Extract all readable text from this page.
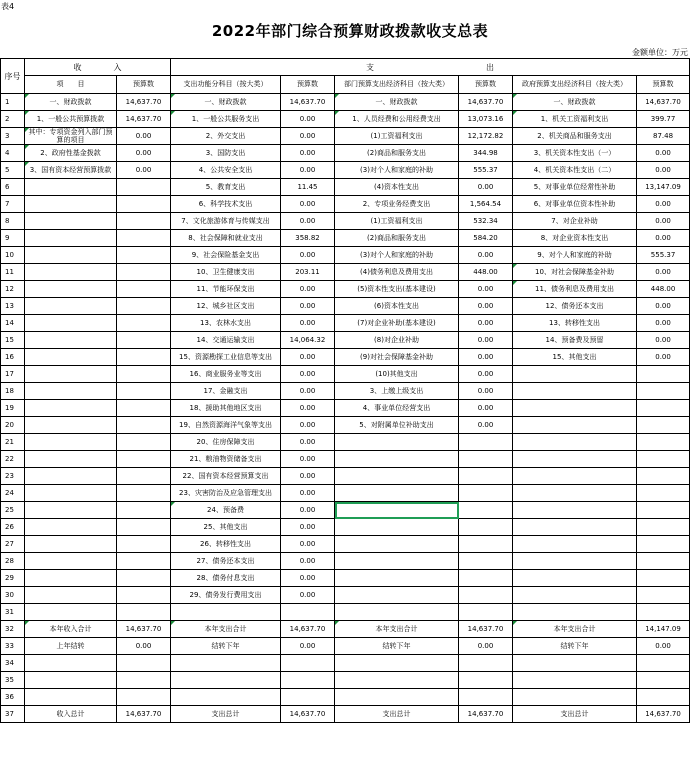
表4
2022年部门综合预算财政拨款收支总表
金额单位：万元
序号	收　　　　入		支　　　　　　　　　　　　　　出					
	项　　目	预算数	支出功能分科目（按大类）	预算数	部门预算支出经济科目（按大类）	预算数	政府预算支出经济科目（按大类）	预算数
1	一、财政拨款	14,637.70	一、财政拨款	14,637.70	一、财政拨款	14,637.70	一、财政拨款	14,637.70
2	1、一般公共预算拨款	14,637.70	1、一般公共服务支出	0.00	1、人员经费和公用经费支出	13,073.16	1、机关工资福利支出	399.77
3	其中：专项资金列入部门预算的项目	0.00	2、外交支出	0.00	(1)工资福利支出	12,172.82	2、机关商品和服务支出	87.48
4	2、政府性基金拨款	0.00	3、国防支出	0.00	(2)商品和服务支出	344.98	3、机关资本性支出（一）	0.00
5	3、国有资本经营预算拨款	0.00	4、公共安全支出	0.00	(3)对个人和家庭的补助	555.37	4、机关资本性支出（二）	0.00
6			5、教育支出	11.45	(4)资本性支出	0.00	5、对事业单位经常性补助	13,147.09
7			6、科学技术支出	0.00	2、专项业务经费支出	1,564.54	6、对事业单位资本性补助	0.00
8			7、文化旅游体育与传媒支出	0.00	(1)工资福利支出	532.34	7、对企业补助	0.00
9			8、社会保障和就业支出	358.82	(2)商品和服务支出	584.20	8、对企业资本性支出	0.00
10			9、社会保险基金支出	0.00	(3)对个人和家庭的补助	0.00	9、对个人和家庭的补助	555.37
11			10、卫生健康支出	203.11	(4)债务利息及费用支出	448.00	10、对社会保障基金补助	0.00
12			11、节能环保支出	0.00	(5)资本性支出(基本建设)	0.00	11、债务利息及费用支出	448.00
13			12、城乡社区支出	0.00	(6)资本性支出	0.00	12、债务还本支出	0.00
14			13、农林水支出	0.00	(7)对企业补助(基本建设)	0.00	13、转移性支出	0.00
15			14、交通运输支出	14,064.32	(8)对企业补助	0.00	14、预备费及预留	0.00
16			15、资源勘探工业信息等支出	0.00	(9)对社会保障基金补助	0.00	15、其他支出	0.00
17			16、商业服务业等支出	0.00	(10)其他支出	0.00		
18			17、金融支出	0.00	3、上缴上级支出	0.00		
19			18、援助其他地区支出	0.00	4、事业单位经营支出	0.00		
20			19、自然资源海洋气象等支出	0.00	5、对附属单位补助支出	0.00		
21			20、住房保障支出	0.00				
22			21、粮油物资储备支出	0.00				
23			22、国有资本经营预算支出	0.00				
24			23、灾害防治及应急管理支出	0.00				
25			24、预备费	0.00				
26			25、其他支出	0.00				
27			26、转移性支出	0.00				
28			27、债务还本支出	0.00				
29			28、债务付息支出	0.00				
30			29、债务发行费用支出	0.00				
31								
32	本年收入合计	14,637.70	本年支出合计	14,637.70	本年支出合计	14,637.70	本年支出合计	14,147.09
33	上年结转	0.00	结转下年	0.00	结转下年	0.00	结转下年	0.00
34								
35								
36								
37	收入总计	14,637.70	支出总计	14,637.70	支出总计	14,637.70	支出总计	14,637.70
